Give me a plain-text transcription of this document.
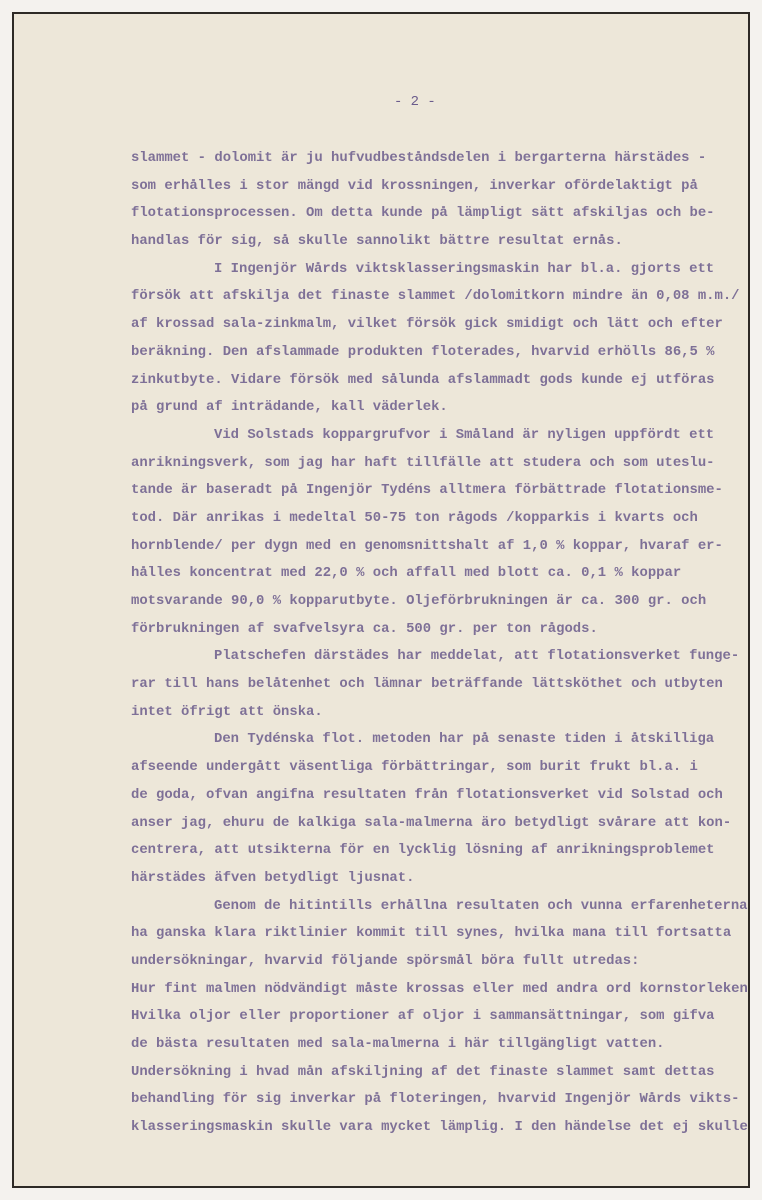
- 2 -
slammet - dolomit är ju hufvudbeståndsdelen i bergarterna härstädes -
som erhålles i stor mängd vid krossningen, inverkar ofördelaktigt på
flotationsprocessen. Om detta kunde på lämpligt sätt afskiljas och be-
handlas för sig, så skulle sannolikt bättre resultat ernås.
I Ingenjör Wårds viktsklasseringsmaskin har bl.a. gjorts ett
försök att afskilja det finaste slammet /dolomitkorn mindre än 0,08 m.m./
af krossad sala-zinkmalm, vilket försök gick smidigt och lätt och efter
beräkning. Den afslammade produkten floterades, hvarvid erhölls 86,5 %
zinkutbyte. Vidare försök med sålunda afslammadt gods kunde ej utföras
på grund af inträdande, kall väderlek.
Vid Solstads koppargrufvor i Småland är nyligen uppfördt ett
anrikningsverk, som jag har haft tillfälle att studera och som uteslu-
tande är baseradt på Ingenjör Tydéns alltmera förbättrade flotationsme-
tod. Där anrikas i medeltal 50-75 ton rågods /kopparkis i kvarts och
hornblende/ per dygn med en genomsnittshalt af 1,0 % koppar, hvaraf er-
hålles koncentrat med 22,0 % och affall med blott ca. 0,1 % koppar
motsvarande 90,0 % kopparutbyte. Oljeförbrukningen är ca. 300 gr. och
förbrukningen af svafvelsyra ca. 500 gr. per ton rågods.
Platschefen därstädes har meddelat, att flotationsverket funge-
rar till hans belåtenhet och lämnar beträffande lättsköthet och utbyten
intet öfrigt att önska.
Den Tydénska flot. metoden har på senaste tiden i åtskilliga
afseende undergått väsentliga förbättringar, som burit frukt bl.a. i
de goda, ofvan angifna resultaten från flotationsverket vid Solstad och
anser jag, ehuru de kalkiga sala-malmerna äro betydligt svårare att kon-
centrera, att utsikterna för en lycklig lösning af anrikningsproblemet
härstädes äfven betydligt ljusnat.
Genom de hitintills erhållna resultaten och vunna erfarenheterna
ha ganska klara riktlinier kommit till synes, hvilka mana till fortsatta
undersökningar, hvarvid följande spörsmål böra fullt utredas:
Hur fint malmen nödvändigt måste krossas eller med andra ord kornstorleken
Hvilka oljor eller proportioner af oljor i sammansättningar, som gifva
de bästa resultaten med sala-malmerna i här tillgängligt vatten.
Undersökning i hvad mån afskiljning af det finaste slammet samt dettas
behandling för sig inverkar på floteringen, hvarvid Ingenjör Wårds vikts-
klasseringsmaskin skulle vara mycket lämplig. I den händelse det ej skulle
